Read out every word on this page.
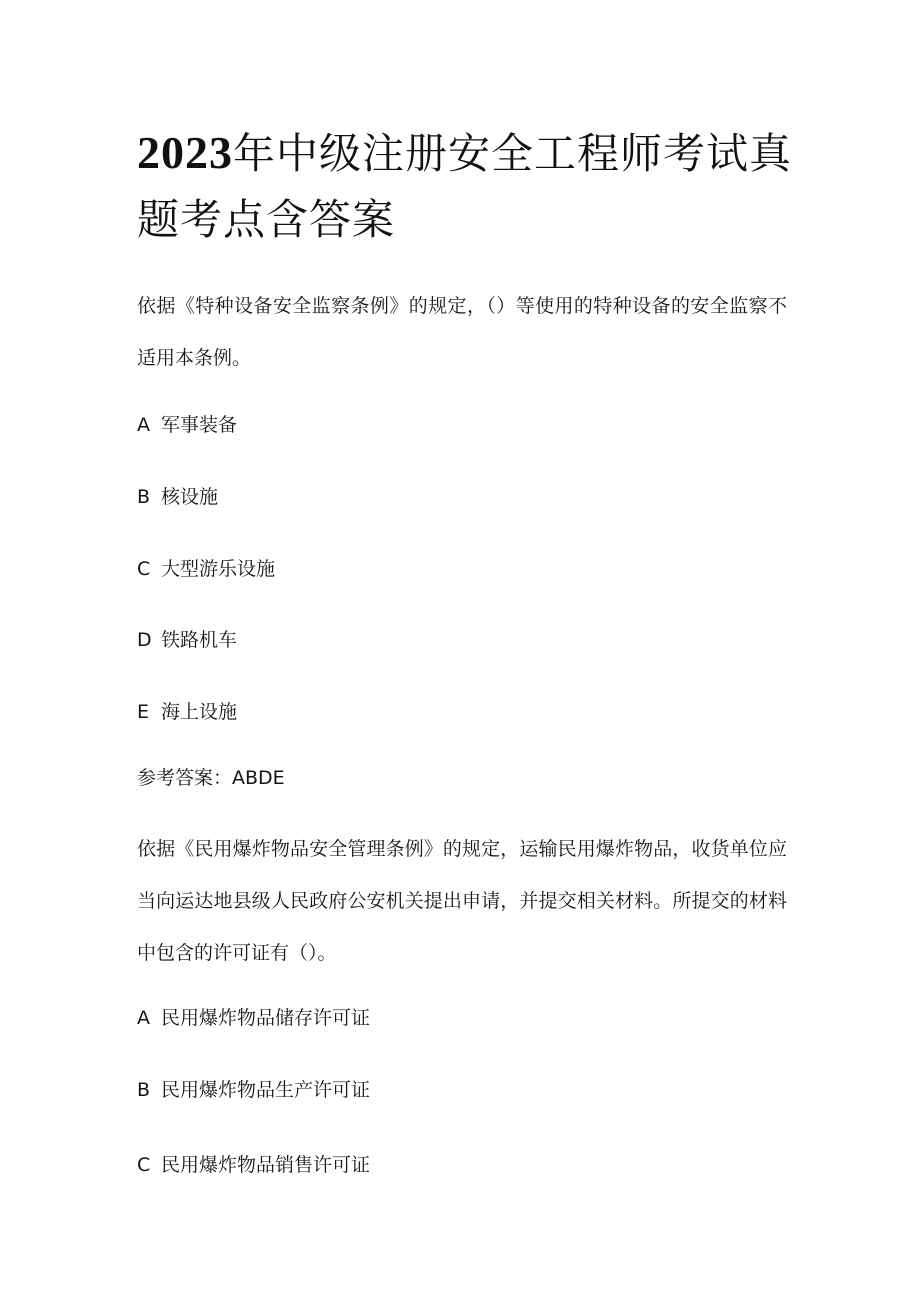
2023年中级注册安全工程师考试真题考点含答案

依据《特种设备安全监察条例》的规定，（）等使用的特种设备的安全监察不适用本条例。

A 军事装备

B 核设施

C 大型游乐设施

D 铁路机车

E 海上设施

参考答案：ABDE

依据《民用爆炸物品安全管理条例》的规定，运输民用爆炸物品，收货单位应当向运达地县级人民政府公安机关提出申请，并提交相关材料。所提交的材料中包含的许可证有（）。

A 民用爆炸物品储存许可证

B 民用爆炸物品生产许可证

C 民用爆炸物品销售许可证
